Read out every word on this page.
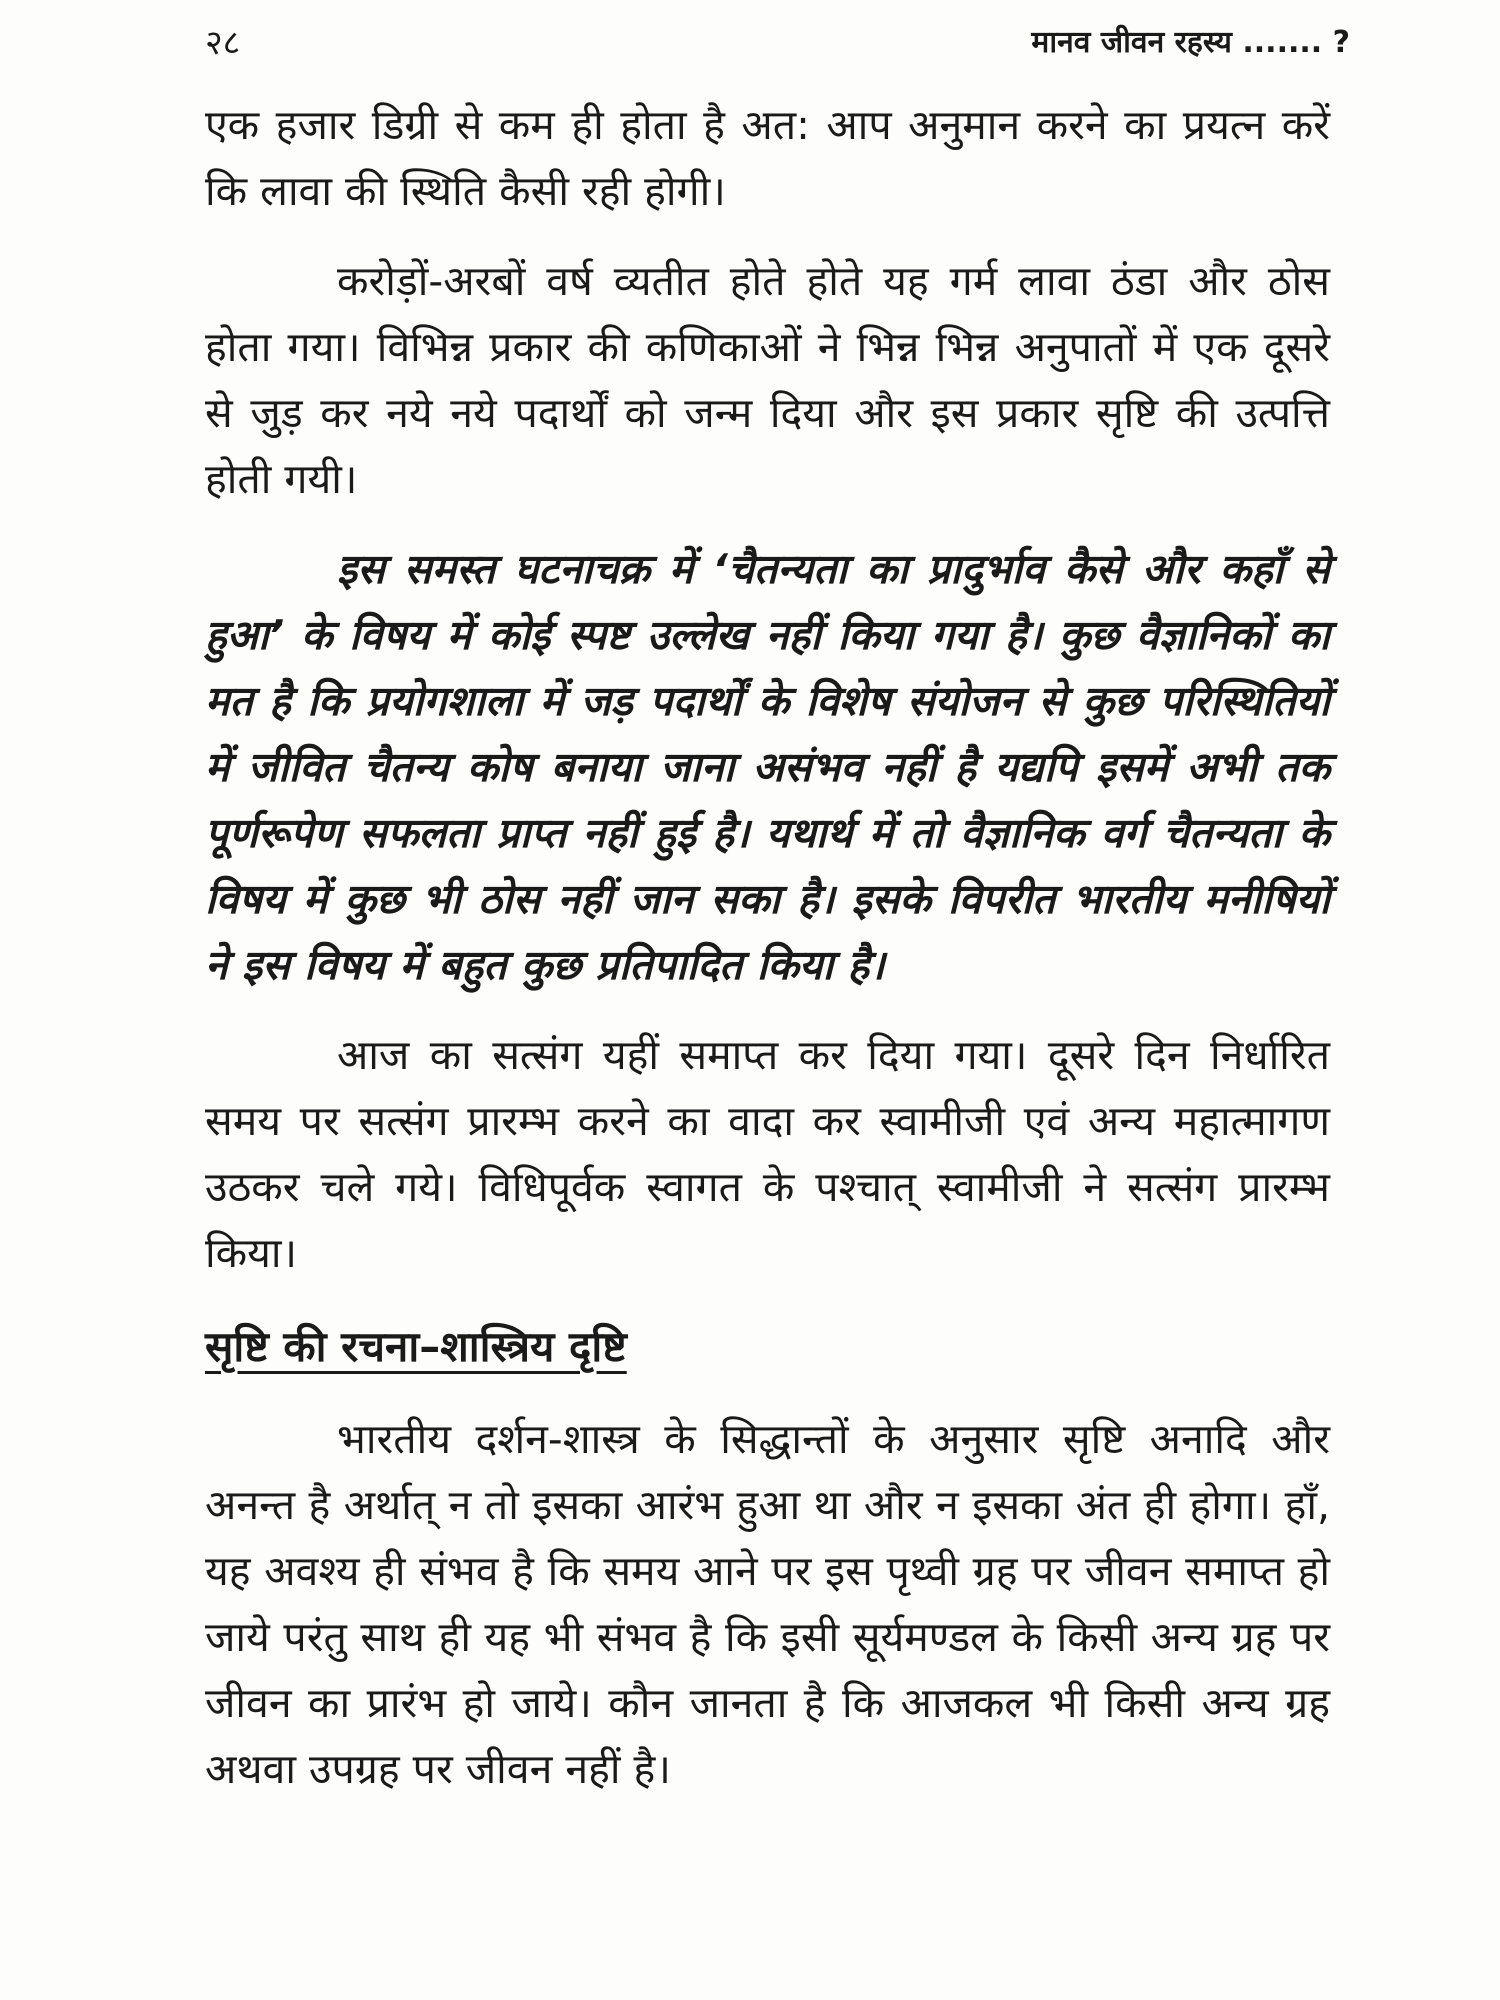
२८	मानव जीवन रहस्य ....... ?

एक हजार डिग्री से कम ही होता है अत: आप अनुमान करने का प्रयत्न करें कि लावा की स्थिति कैसी रही होगी।

करोड़ों-अरबों वर्ष व्यतीत होते होते यह गर्म लावा ठंडा और ठोस होता गया। विभिन्न प्रकार की कणिकाओं ने भिन्न भिन्न अनुपातों में एक दूसरे से जुड़ कर नये नये पदार्थों को जन्म दिया और इस प्रकार सृष्टि की उत्पत्ति होती गयी।

इस समस्त घटनाचक्र में ‘चैतन्यता का प्रादुर्भाव कैसे और कहाँ से हुआ’ के विषय में कोई स्पष्ट उल्लेख नहीं किया गया है। कुछ वैज्ञानिकों का मत है कि प्रयोगशाला में जड़ पदार्थों के विशेष संयोजन से कुछ परिस्थितियों में जीवित चैतन्य कोष बनाया जाना असंभव नहीं है यद्यपि इसमें अभी तक पूर्णरूपेण सफलता प्राप्त नहीं हुई है। यथार्थ में तो वैज्ञानिक वर्ग चैतन्यता के विषय में कुछ भी ठोस नहीं जान सका है। इसके विपरीत भारतीय मनीषियों ने इस विषय में बहुत कुछ प्रतिपादित किया है।

आज का सत्संग यहीं समाप्त कर दिया गया। दूसरे दिन निर्धारित समय पर सत्संग प्रारम्भ करने का वादा कर स्वामीजी एवं अन्य महात्मागण उठकर चले गये। विधिपूर्वक स्वागत के पश्चात् स्वामीजी ने सत्संग प्रारम्भ किया।

सृष्टि की रचना–शास्त्रिय दृष्टि

भारतीय दर्शन-शास्त्र के सिद्धान्तों के अनुसार सृष्टि अनादि और अनन्त है अर्थात् न तो इसका आरंभ हुआ था और न इसका अंत ही होगा। हाँ, यह अवश्य ही संभव है कि समय आने पर इस पृथ्वी ग्रह पर जीवन समाप्त हो जाये परंतु साथ ही यह भी संभव है कि इसी सूर्यमण्डल के किसी अन्य ग्रह पर जीवन का प्रारंभ हो जाये। कौन जानता है कि आजकल भी किसी अन्य ग्रह अथवा उपग्रह पर जीवन नहीं है।
